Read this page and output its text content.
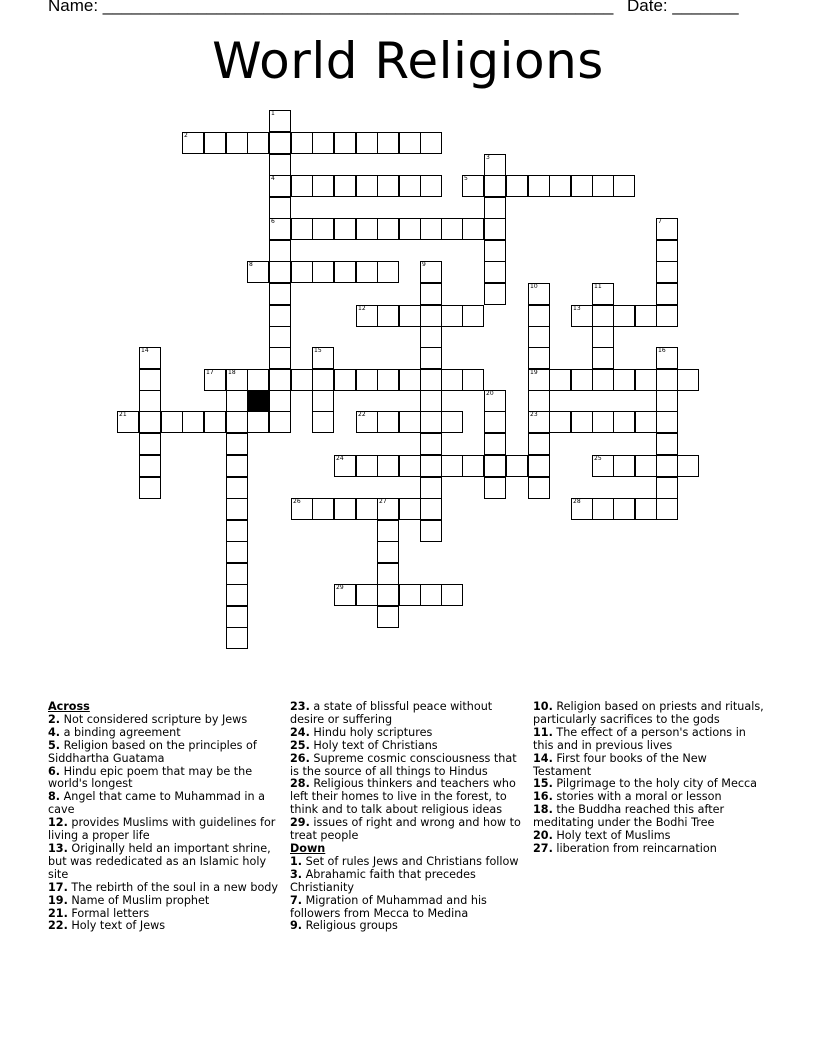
Name: ______________________________________________________ Date: _______
World Religions
1
2
3
4	5
6	7
8	9
10	11
12	13
14	15	16
17 18	19
20
21	22	23
24	25
26	27	28
29
Across
2. Not considered scripture by Jews
4. a binding agreement
5. Religion based on the principles of Siddhartha Guatama
6. Hindu epic poem that may be the world's longest
8. Angel that came to Muhammad in a cave
12. provides Muslims with guidelines for living a proper life
13. Originally held an important shrine, but was rededicated as an Islamic holy site
17. The rebirth of the soul in a new body
19. Name of Muslim prophet
21. Formal letters
22. Holy text of Jews
23. a state of blissful peace without desire or suffering
24. Hindu holy scriptures
25. Holy text of Christians
26. Supreme cosmic consciousness that is the source of all things to Hindus
28. Religious thinkers and teachers who left their homes to live in the forest, to think and to talk about religious ideas
29. issues of right and wrong and how to treat people
Down
1. Set of rules Jews and Christians follow
3. Abrahamic faith that precedes Christianity
7. Migration of Muhammad and his followers from Mecca to Medina
9. Religious groups
10. Religion based on priests and rituals, particularly sacrifices to the gods
11. The effect of a person's actions in this and in previous lives
14. First four books of the New Testament
15. Pilgrimage to the holy city of Mecca
16. stories with a moral or lesson
18. the Buddha reached this after meditating under the Bodhi Tree
20. Holy text of Muslims
27. liberation from reincarnation
